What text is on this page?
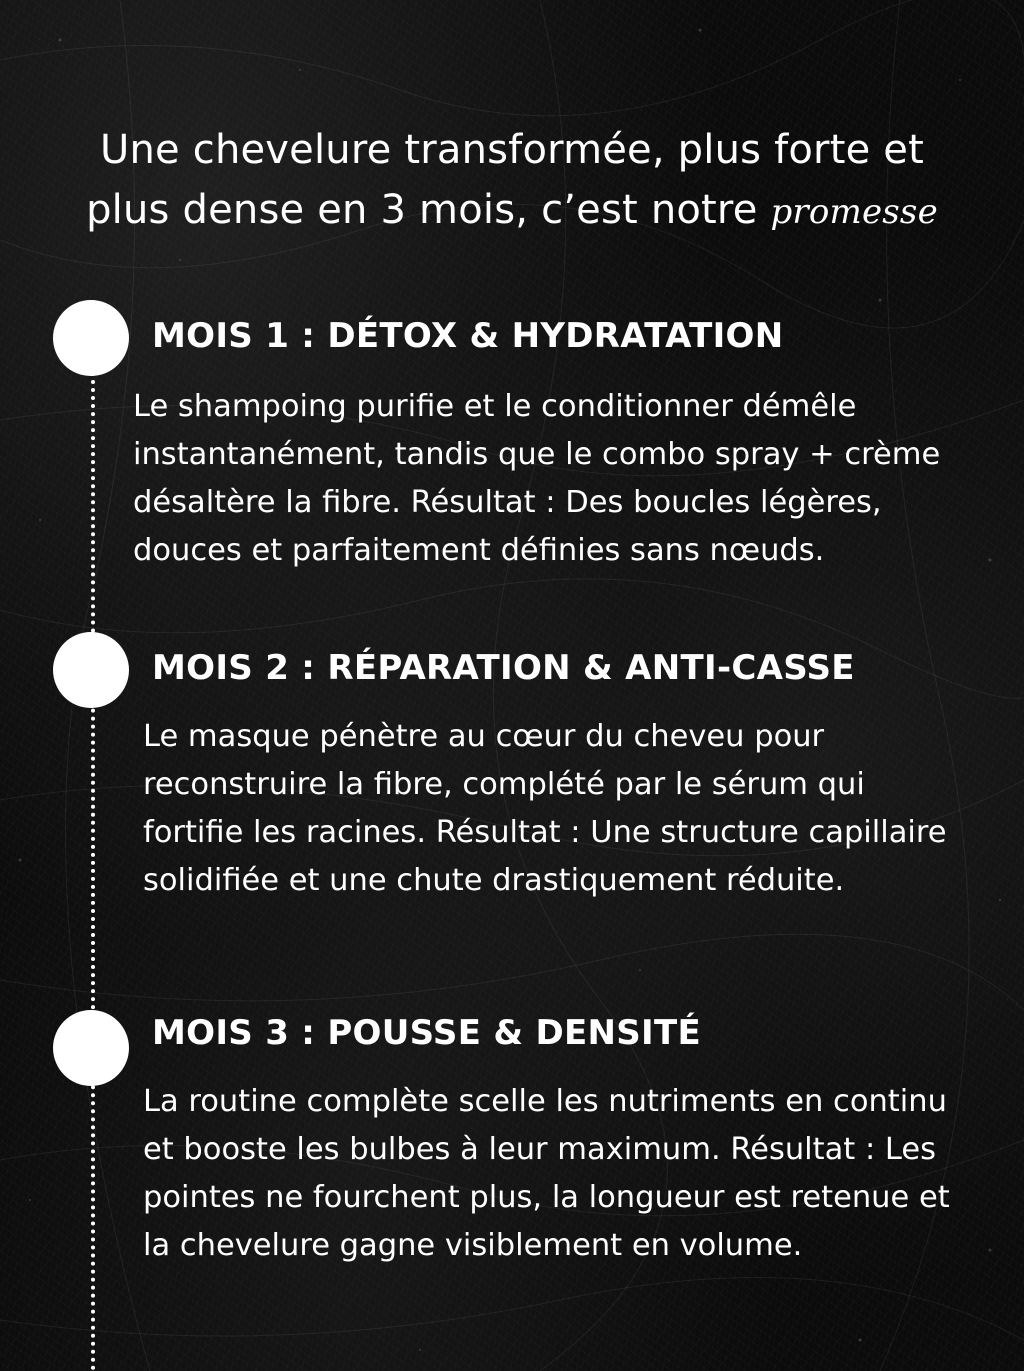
Une chevelure transformée, plus forte et
plus dense en 3 mois, c’est notre promesse
MOIS 1 : DÉTOX & HYDRATATION
Le shampoing purifie et le conditionner démêle instantanément, tandis que le combo spray + crème désaltère la fibre. Résultat : Des boucles légères, douces et parfaitement définies sans nœuds.
MOIS 2 : RÉPARATION & ANTI-CASSE
Le masque pénètre au cœur du cheveu pour reconstruire la fibre, complété par le sérum qui fortifie les racines. Résultat : Une structure capillaire solidifiée et une chute drastiquement réduite.
MOIS 3 : POUSSE & DENSITÉ
La routine complète scelle les nutriments en continu et booste les bulbes à leur maximum. Résultat : Les pointes ne fourchent plus, la longueur est retenue et la chevelure gagne visiblement en volume.
